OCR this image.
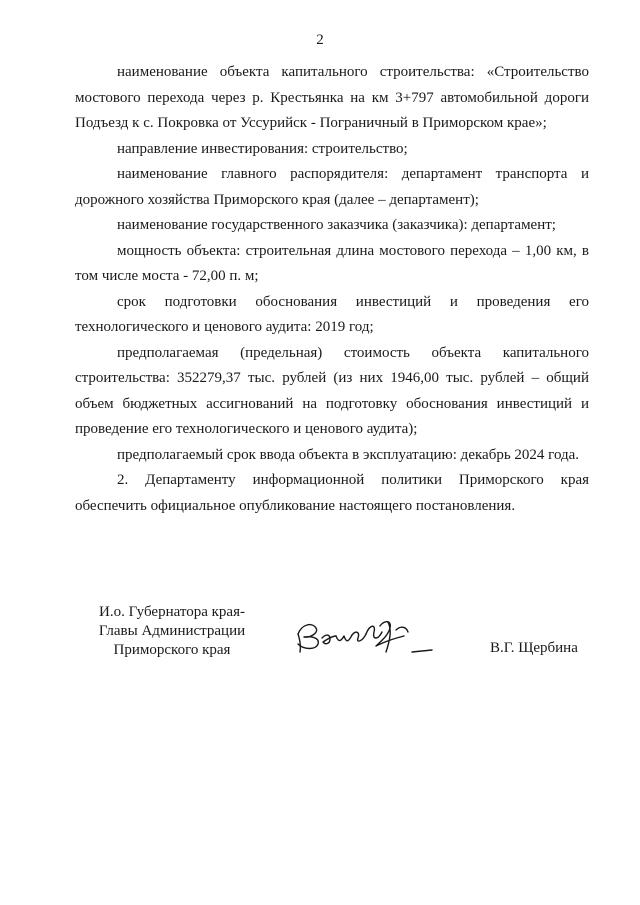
2

наименование объекта капитального строительства: «Строительство мостового перехода через р. Крестьянка на км 3+797 автомобильной дороги Подъезд к с. Покровка от Уссурийск - Пограничный в Приморском крае»;

направление инвестирования: строительство;

наименование главного распорядителя: департамент транспорта и дорожного хозяйства Приморского края (далее – департамент);

наименование государственного заказчика (заказчика): департамент;

мощность объекта: строительная длина мостового перехода – 1,00 км, в том числе моста - 72,00 п. м;

срок подготовки обоснования инвестиций и проведения его технологического и ценового аудита: 2019 год;

предполагаемая (предельная) стоимость объекта капитального строительства: 352279,37 тыс. рублей (из них 1946,00 тыс. рублей – общий объем бюджетных ассигнований на подготовку обоснования инвестиций и проведение его технологического и ценового аудита);

предполагаемый срок ввода объекта в эксплуатацию: декабрь 2024 года.

2. Департаменту информационной политики Приморского края обеспечить официальное опубликование настоящего постановления.

И.о. Губернатора края-
Главы Администрации
Приморского края	В.Г. Щербина
